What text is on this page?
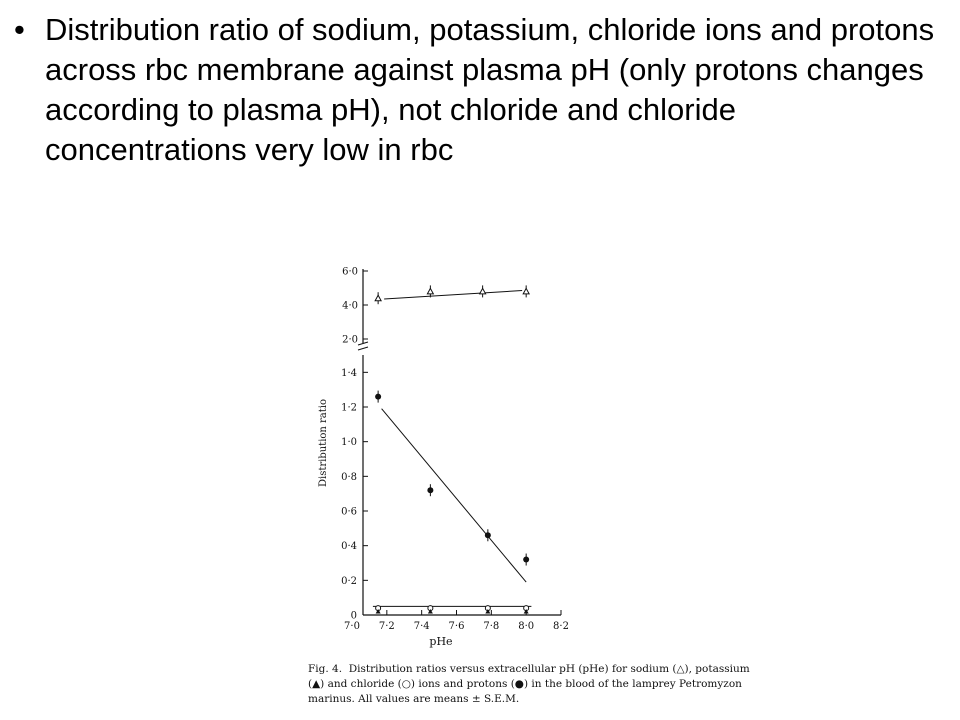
• Distribution ratio of sodium, potassium, chloride ions and protons across rbc membrane against plasma pH (only protons changes according to plasma pH), not chloride and chloride concentrations very low in rbc

2·0
4·0
6·0
0
0·2
0·4
0·6
0·8
1·0
1·2
1·4
7·0 7·2 7·4 7·6 7·8 8·0 8·2
pHe
Distribution ratio

Fig. 4.  Distribution ratios versus extracellular pH (pHe) for sodium (△), potassium
(▲) and chloride (○) ions and protons (●) in the blood of the lamprey Petromyzon
marinus. All values are means ± S.E.M.
